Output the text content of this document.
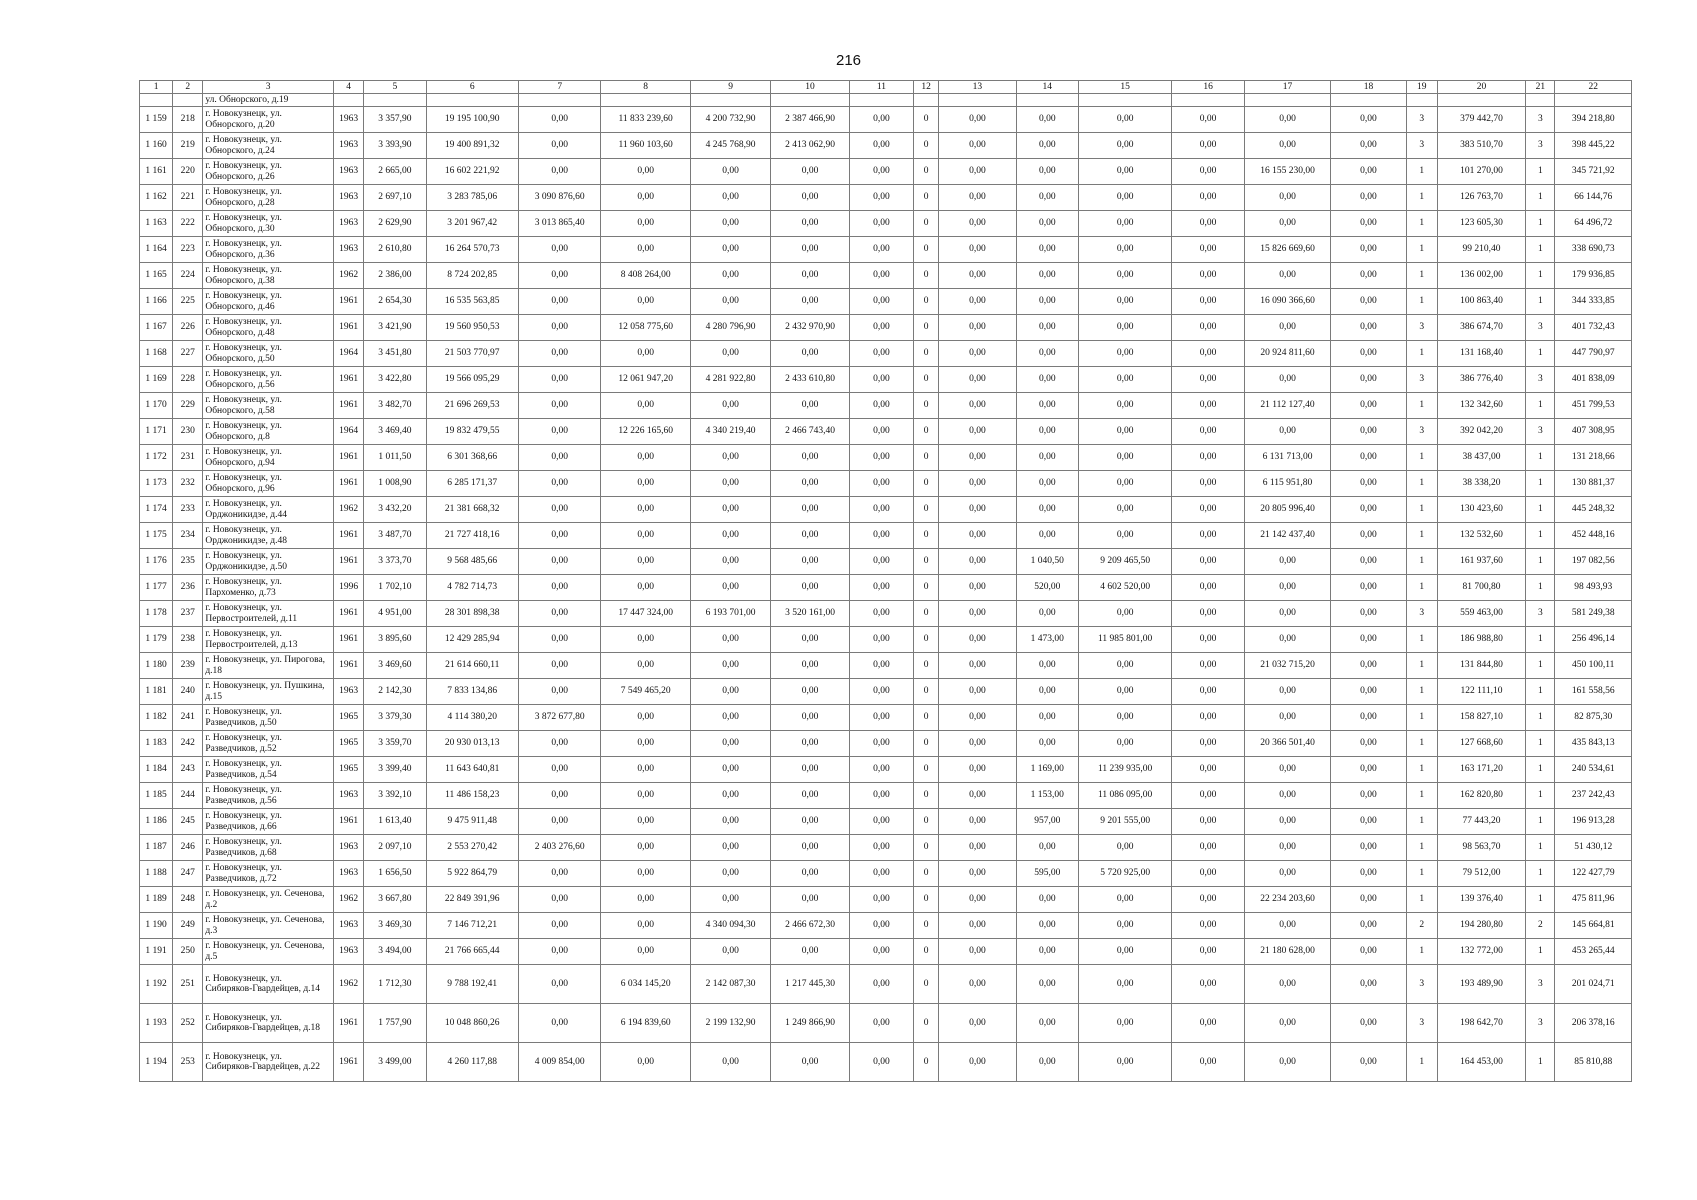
216
1	2	3	4	5	6	7	8	9	10	11	12	13	14	15	16	17	18	19	20	21	22
		ул. Обнорского, д.19																			
1 159	218	г. Новокузнецк, ул. Обнорского, д.20	1963	3 357,90	19 195 100,90	0,00	11 833 239,60	4 200 732,90	2 387 466,90	0,00	0	0,00	0,00	0,00	0,00	0,00	0,00	3	379 442,70	3	394 218,80
1 160	219	г. Новокузнецк, ул. Обнорского, д.24	1963	3 393,90	19 400 891,32	0,00	11 960 103,60	4 245 768,90	2 413 062,90	0,00	0	0,00	0,00	0,00	0,00	0,00	0,00	3	383 510,70	3	398 445,22
1 161	220	г. Новокузнецк, ул. Обнорского, д.26	1963	2 665,00	16 602 221,92	0,00	0,00	0,00	0,00	0,00	0	0,00	0,00	0,00	0,00	16 155 230,00	0,00	1	101 270,00	1	345 721,92
1 162	221	г. Новокузнецк, ул. Обнорского, д.28	1963	2 697,10	3 283 785,06	3 090 876,60	0,00	0,00	0,00	0,00	0	0,00	0,00	0,00	0,00	0,00	0,00	1	126 763,70	1	66 144,76
1 163	222	г. Новокузнецк, ул. Обнорского, д.30	1963	2 629,90	3 201 967,42	3 013 865,40	0,00	0,00	0,00	0,00	0	0,00	0,00	0,00	0,00	0,00	0,00	1	123 605,30	1	64 496,72
1 164	223	г. Новокузнецк, ул. Обнорского, д.36	1963	2 610,80	16 264 570,73	0,00	0,00	0,00	0,00	0,00	0	0,00	0,00	0,00	0,00	15 826 669,60	0,00	1	99 210,40	1	338 690,73
1 165	224	г. Новокузнецк, ул. Обнорского, д.38	1962	2 386,00	8 724 202,85	0,00	8 408 264,00	0,00	0,00	0,00	0	0,00	0,00	0,00	0,00	0,00	0,00	1	136 002,00	1	179 936,85
1 166	225	г. Новокузнецк, ул. Обнорского, д.46	1961	2 654,30	16 535 563,85	0,00	0,00	0,00	0,00	0,00	0	0,00	0,00	0,00	0,00	16 090 366,60	0,00	1	100 863,40	1	344 333,85
1 167	226	г. Новокузнецк, ул. Обнорского, д.48	1961	3 421,90	19 560 950,53	0,00	12 058 775,60	4 280 796,90	2 432 970,90	0,00	0	0,00	0,00	0,00	0,00	0,00	0,00	3	386 674,70	3	401 732,43
1 168	227	г. Новокузнецк, ул. Обнорского, д.50	1964	3 451,80	21 503 770,97	0,00	0,00	0,00	0,00	0,00	0	0,00	0,00	0,00	0,00	20 924 811,60	0,00	1	131 168,40	1	447 790,97
1 169	228	г. Новокузнецк, ул. Обнорского, д.56	1961	3 422,80	19 566 095,29	0,00	12 061 947,20	4 281 922,80	2 433 610,80	0,00	0	0,00	0,00	0,00	0,00	0,00	0,00	3	386 776,40	3	401 838,09
1 170	229	г. Новокузнецк, ул. Обнорского, д.58	1961	3 482,70	21 696 269,53	0,00	0,00	0,00	0,00	0,00	0	0,00	0,00	0,00	0,00	21 112 127,40	0,00	1	132 342,60	1	451 799,53
1 171	230	г. Новокузнецк, ул. Обнорского, д.8	1964	3 469,40	19 832 479,55	0,00	12 226 165,60	4 340 219,40	2 466 743,40	0,00	0	0,00	0,00	0,00	0,00	0,00	0,00	3	392 042,20	3	407 308,95
1 172	231	г. Новокузнецк, ул. Обнорского, д.94	1961	1 011,50	6 301 368,66	0,00	0,00	0,00	0,00	0,00	0	0,00	0,00	0,00	0,00	6 131 713,00	0,00	1	38 437,00	1	131 218,66
1 173	232	г. Новокузнецк, ул. Обнорского, д.96	1961	1 008,90	6 285 171,37	0,00	0,00	0,00	0,00	0,00	0	0,00	0,00	0,00	0,00	6 115 951,80	0,00	1	38 338,20	1	130 881,37
1 174	233	г. Новокузнецк, ул. Орджоникидзе, д.44	1962	3 432,20	21 381 668,32	0,00	0,00	0,00	0,00	0,00	0	0,00	0,00	0,00	0,00	20 805 996,40	0,00	1	130 423,60	1	445 248,32
1 175	234	г. Новокузнецк, ул. Орджоникидзе, д.48	1961	3 487,70	21 727 418,16	0,00	0,00	0,00	0,00	0,00	0	0,00	0,00	0,00	0,00	21 142 437,40	0,00	1	132 532,60	1	452 448,16
1 176	235	г. Новокузнецк, ул. Орджоникидзе, д.50	1961	3 373,70	9 568 485,66	0,00	0,00	0,00	0,00	0,00	0	0,00	1 040,50	9 209 465,50	0,00	0,00	0,00	1	161 937,60	1	197 082,56
1 177	236	г. Новокузнецк, ул. Пархоменко, д.73	1996	1 702,10	4 782 714,73	0,00	0,00	0,00	0,00	0,00	0	0,00	520,00	4 602 520,00	0,00	0,00	0,00	1	81 700,80	1	98 493,93
1 178	237	г. Новокузнецк, ул. Первостроителей, д.11	1961	4 951,00	28 301 898,38	0,00	17 447 324,00	6 193 701,00	3 520 161,00	0,00	0	0,00	0,00	0,00	0,00	0,00	0,00	3	559 463,00	3	581 249,38
1 179	238	г. Новокузнецк, ул. Первостроителей, д.13	1961	3 895,60	12 429 285,94	0,00	0,00	0,00	0,00	0,00	0	0,00	1 473,00	11 985 801,00	0,00	0,00	0,00	1	186 988,80	1	256 496,14
1 180	239	г. Новокузнецк, ул. Пирогова, д.18	1961	3 469,60	21 614 660,11	0,00	0,00	0,00	0,00	0,00	0	0,00	0,00	0,00	0,00	21 032 715,20	0,00	1	131 844,80	1	450 100,11
1 181	240	г. Новокузнецк, ул. Пушкина, д.15	1963	2 142,30	7 833 134,86	0,00	7 549 465,20	0,00	0,00	0,00	0	0,00	0,00	0,00	0,00	0,00	0,00	1	122 111,10	1	161 558,56
1 182	241	г. Новокузнецк, ул. Разведчиков, д.50	1965	3 379,30	4 114 380,20	3 872 677,80	0,00	0,00	0,00	0,00	0	0,00	0,00	0,00	0,00	0,00	0,00	1	158 827,10	1	82 875,30
1 183	242	г. Новокузнецк, ул. Разведчиков, д.52	1965	3 359,70	20 930 013,13	0,00	0,00	0,00	0,00	0,00	0	0,00	0,00	0,00	0,00	20 366 501,40	0,00	1	127 668,60	1	435 843,13
1 184	243	г. Новокузнецк, ул. Разведчиков, д.54	1965	3 399,40	11 643 640,81	0,00	0,00	0,00	0,00	0,00	0	0,00	1 169,00	11 239 935,00	0,00	0,00	0,00	1	163 171,20	1	240 534,61
1 185	244	г. Новокузнецк, ул. Разведчиков, д.56	1963	3 392,10	11 486 158,23	0,00	0,00	0,00	0,00	0,00	0	0,00	1 153,00	11 086 095,00	0,00	0,00	0,00	1	162 820,80	1	237 242,43
1 186	245	г. Новокузнецк, ул. Разведчиков, д.66	1961	1 613,40	9 475 911,48	0,00	0,00	0,00	0,00	0,00	0	0,00	957,00	9 201 555,00	0,00	0,00	0,00	1	77 443,20	1	196 913,28
1 187	246	г. Новокузнецк, ул. Разведчиков, д.68	1963	2 097,10	2 553 270,42	2 403 276,60	0,00	0,00	0,00	0,00	0	0,00	0,00	0,00	0,00	0,00	0,00	1	98 563,70	1	51 430,12
1 188	247	г. Новокузнецк, ул. Разведчиков, д.72	1963	1 656,50	5 922 864,79	0,00	0,00	0,00	0,00	0,00	0	0,00	595,00	5 720 925,00	0,00	0,00	0,00	1	79 512,00	1	122 427,79
1 189	248	г. Новокузнецк, ул. Сеченова, д.2	1962	3 667,80	22 849 391,96	0,00	0,00	0,00	0,00	0,00	0	0,00	0,00	0,00	0,00	22 234 203,60	0,00	1	139 376,40	1	475 811,96
1 190	249	г. Новокузнецк, ул. Сеченова, д.3	1963	3 469,30	7 146 712,21	0,00	0,00	4 340 094,30	2 466 672,30	0,00	0	0,00	0,00	0,00	0,00	0,00	0,00	2	194 280,80	2	145 664,81
1 191	250	г. Новокузнецк, ул. Сеченова, д.5	1963	3 494,00	21 766 665,44	0,00	0,00	0,00	0,00	0,00	0	0,00	0,00	0,00	0,00	21 180 628,00	0,00	1	132 772,00	1	453 265,44
1 192	251	г. Новокузнецк, ул. Сибиряков-Гвардейцев, д.14	1962	1 712,30	9 788 192,41	0,00	6 034 145,20	2 142 087,30	1 217 445,30	0,00	0	0,00	0,00	0,00	0,00	0,00	0,00	3	193 489,90	3	201 024,71
1 193	252	г. Новокузнецк, ул. Сибиряков-Гвардейцев, д.18	1961	1 757,90	10 048 860,26	0,00	6 194 839,60	2 199 132,90	1 249 866,90	0,00	0	0,00	0,00	0,00	0,00	0,00	0,00	3	198 642,70	3	206 378,16
1 194	253	г. Новокузнецк, ул. Сибиряков-Гвардейцев, д.22	1961	3 499,00	4 260 117,88	4 009 854,00	0,00	0,00	0,00	0,00	0	0,00	0,00	0,00	0,00	0,00	0,00	1	164 453,00	1	85 810,88
